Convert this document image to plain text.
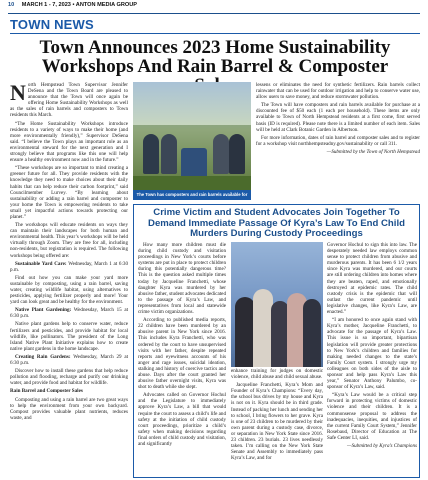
10 MARCH 1 - 7, 2023 • ANTON MEDIA GROUP
TOWN NEWS
Town Announces 2023 Home Sustainability Workshops And Rain Barrel & Composter

North Hempstead Town Supervisor Jennifer DeSena and the Town Board are pleased to announce that the Town will once again be offering Home Sustainability Workshops as well as the sales of rain barrels and composters to Town residents this March.

“The Home Sustainability Workshops introduce residents to a variety of ways to make their home (and more environmentally friendly),” Supervisor DeSena said. “I believe the Town plays an important role as an environmental steward for the next generation and I strongly believe that programs like this one will help ensure a healthy environment now and in the future.”

“These workshops are so important to mind creating a greener future for all. They provide residents with the knowledge they need to make choices about their daily habits that can help reduce their carbon footprint,” said Councilmember Lurvey. “By learning about sustainability or adding a rain barrel and composter to your home the Town is empowering residents to take small yet impactful actions towards protecting our planet.”

The workshops will educate residents on ways they can maintain their landscapes for both human and environmental health. This year’s workshops will be held virtually through Zoom. They are free for all, including non-residents, but registration is required. The following workshops being offered are:

Sustainable Yard Care: Wednesday, March 1 at 6:30 p.m.

Find out how you can make your yard more sustainable by composting, using a rain barrel, saving water, creating wildlife habitat, using alternatives to pesticides, applying fertilizer properly and more! Your yard can look great and be healthy for the environment.

Native Plant Gardening: Wednesday, March 15 at 6:30 p.m.

Native plant gardens help to conserve water, reduce fertilizers and pesticides, and provide habitat for local wildlife, like pollinators. The president of the Long Island Native Plant Initiative explains how to create native plant gardens in the home landscape.

Creating Rain Gardens: Wednesday, March 29 at 6:30 p.m.

Discover how to install these gardens that help reduce pollution and flooding, recharge and purify our drinking water, and provide food and habitat for wildlife.

Rain Barrel and Composter Sales

Composting and using a rain barrel are two great ways to help the environment from your own backyard. Compost provides valuable plant nutrients, reduces waste, and

The Town has composters and rain barrels available for purchase.

lessens or eliminates the need for synthetic fertilizers. Rain barrels collect rainwater that can be used for outdoor irrigation and help to conserve water use, allow users to save money, and reduce stormwater pollution.

The Town will have composters and rain barrels available for purchase at a discounted fee of $50 each (1 each per household). These items are only available to Town of North Hempstead residents at a first come, first served basis (ID is required). Please note there is a limited number of each item. Sales will be held at Clark Botanic Garden in Albertson.

For more information, dates of rain barrel and composter sales and to register for a workshop visit northhempsteadny.gov/sustainability or call 311.

—Submitted by the Town of North Hempstead

Crime Victim and Student Advocates Join Together To Demand Immediate Passage Of Kyra’s Law To End Child Murders During Custody Proceedings

How many more children must die during child custody and visitation proceedings in New York’s courts before systems are put in place to protect children during this potentially dangerous time? This is the question asked multiple times today by Jacqueline Franchetti, whose daughter Kyra was murdered by her abusive father, student advocates dedicated to the passage of Kyra’s Law, and representatives from local and statewide crime victim organizations.

According to published media reports, 22 children have been murdered by an abusive parent in New York since 2016. This includes Kyra Franchetti, who was ordered by the court to have unsupervised visits with her father, despite repeated reports and eyewitness accounts of his anger and rage issues, suicidal ideation, stalking and history of coercive tactics and abuse. Days after the court granted her abusive father overnight visits, Kyra was shot to death while she slept.

Advocates called on Governor Hochul and the Legislature to immediately approve Kyra’s Law, a bill that would require the court to assess a child’s life and safety at the initiation of child custody court proceedings, prioritize a child’s safety when making decisions regarding final orders of child custody and visitation, and significantly

enhance training for judges on domestic violence, child abuse and child sexual abuse.

Jacqueline Franchetti, Kyra’s Mom and Founder of Kyra’s Champions: “Every day, the school bus drives by my house and Kyra is not on it. Kyra should be in third grade. Instead of packing her lunch and sending her to school, I bring flowers to her grave. Kyra is one of 23 children to be murdered by their own parent during a custody case, divorce, or separation in New York State since 2016. 23 children. 23 burials. 23 lives needlessly taken. I’m calling on the New York State Senate and Assembly to immediately pass Kyra’s Law, and for

Governor Hochul to sign this into law. The desperately needed law employs common sense to protect children from abusive and murderous parents. It has been 6 1/2 years since Kyra was murdered, and our courts are still ordering children into homes where they are beaten, raped, and emotionally destroyed at epidemic rates. The child custody crisis is the epidemic that will outlast the current pandemic until legislative changes, like Kyra’s Law, are enacted.”

“I am honored to once again stand with Kyra’s mother, Jacqueline Franchetti, to advocate for the passage of Kyra’s Law. This issue is so important, bipartisan legislation will provide greater protections to New York’s children and families for making needed changes to the state’s Family Court system. I strongly urge my colleagues on both sides of the aisle to sponsor and help pass Kyra’s Law this year,” Senator Anthony Palumbo, co-sponsor of Kyra’s Law, said.

“Kyra’s Law would be a critical step forward in protecting victims of domestic violence and their children. It is a commonsense proposal to address the inadequacies, inequities, and injustices of the current Family Court System,” Jennifer Rosebaud, Director of Education at The Safe Center LI, said.

—Submitted by Kyra’s Champions
